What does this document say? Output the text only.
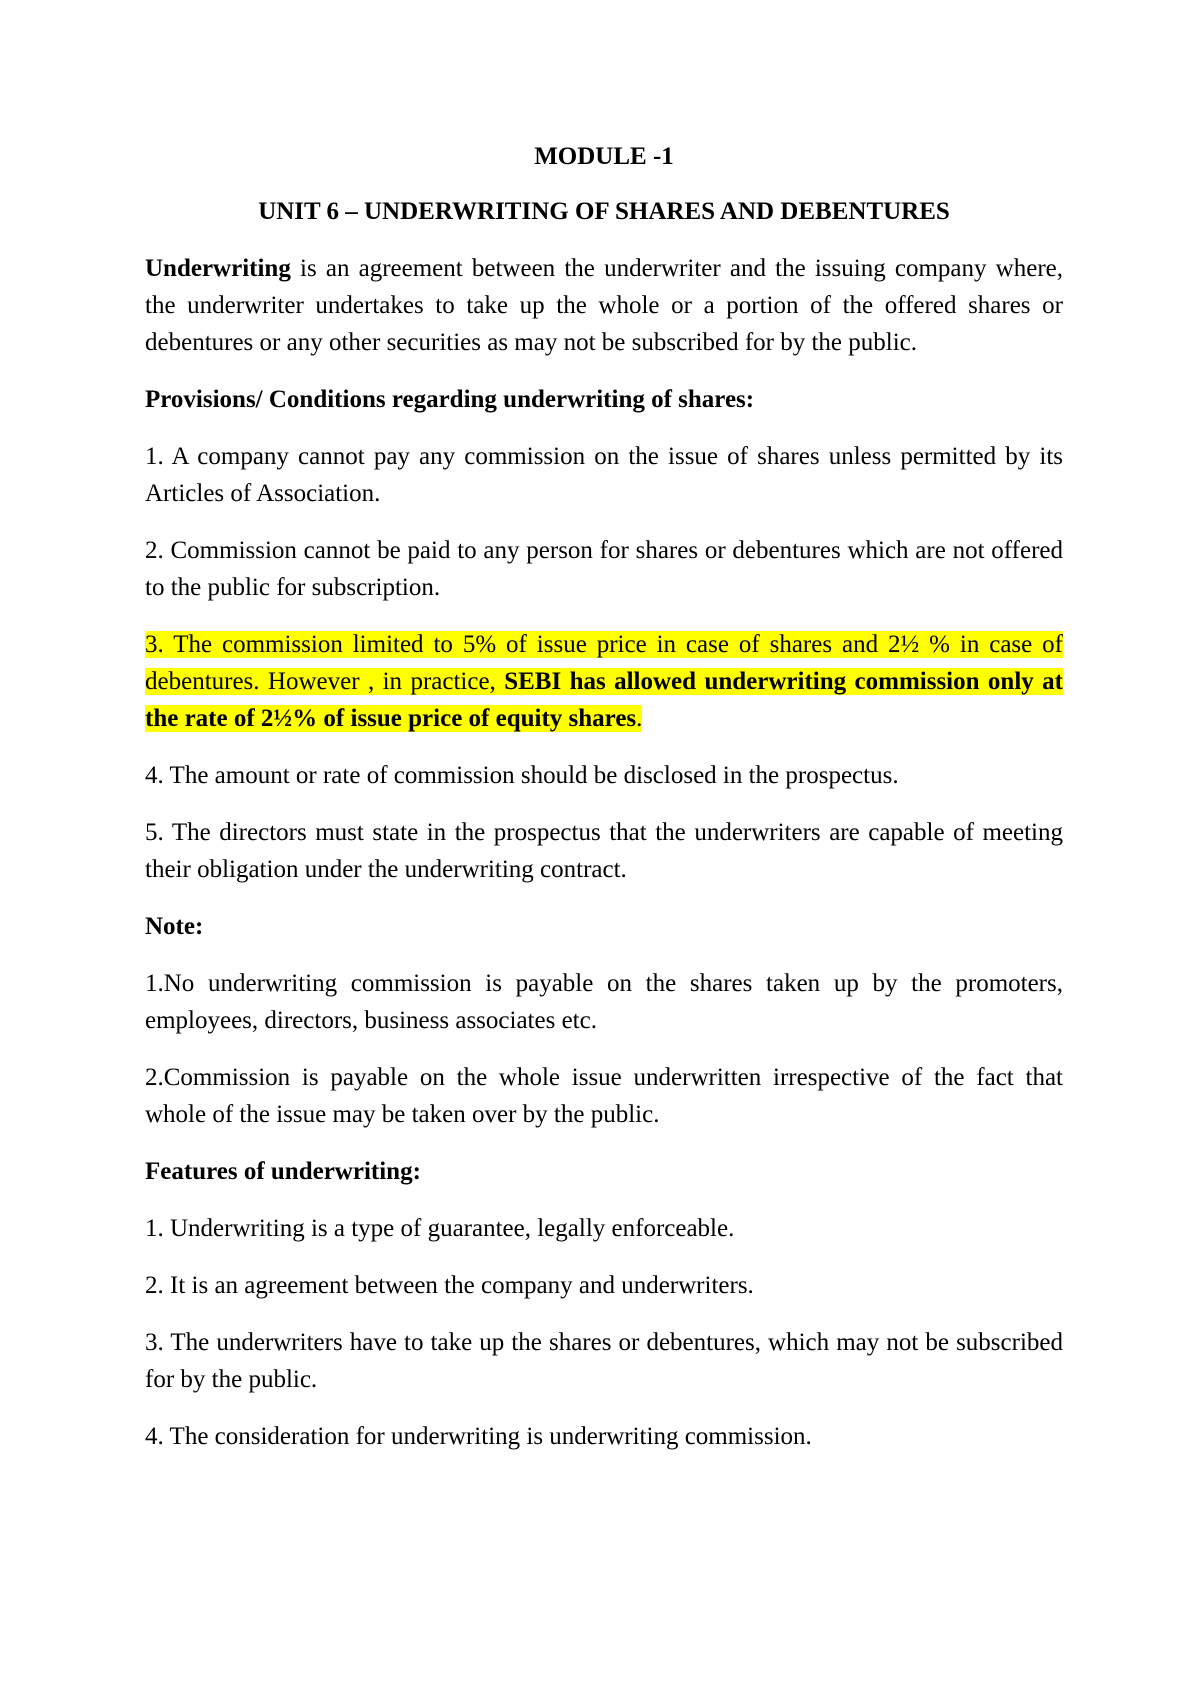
MODULE -1
UNIT 6 – UNDERWRITING OF SHARES AND DEBENTURES
Underwriting is an agreement between the underwriter and the issuing company where, the underwriter undertakes to take up the whole or a portion of the offered shares or debentures or any other securities as may not be subscribed for by the public.
Provisions/ Conditions regarding underwriting of shares:
1. A company cannot pay any commission on the issue of shares unless permitted by its Articles of Association.
2. Commission cannot be paid to any person for shares or debentures which are not offered to the public for subscription.
3. The commission limited to 5% of issue price in case of shares and 2½ % in case of debentures. However , in practice, SEBI has allowed underwriting commission only at the rate of 2½% of issue price of equity shares.
4. The amount or rate of commission should be disclosed in the prospectus.
5. The directors must state in the prospectus that the underwriters are capable of meeting their obligation under the underwriting contract.
Note:
1.No underwriting commission is payable on the shares taken up by the promoters, employees, directors, business associates etc.
2.Commission is payable on the whole issue underwritten irrespective of the fact that whole of the issue may be taken over by the public.
Features of underwriting:
1. Underwriting is a type of guarantee, legally enforceable.
2. It is an agreement between the company and underwriters.
3. The underwriters have to take up the shares or debentures, which may not be subscribed for by the public.
4. The consideration for underwriting is underwriting commission.
